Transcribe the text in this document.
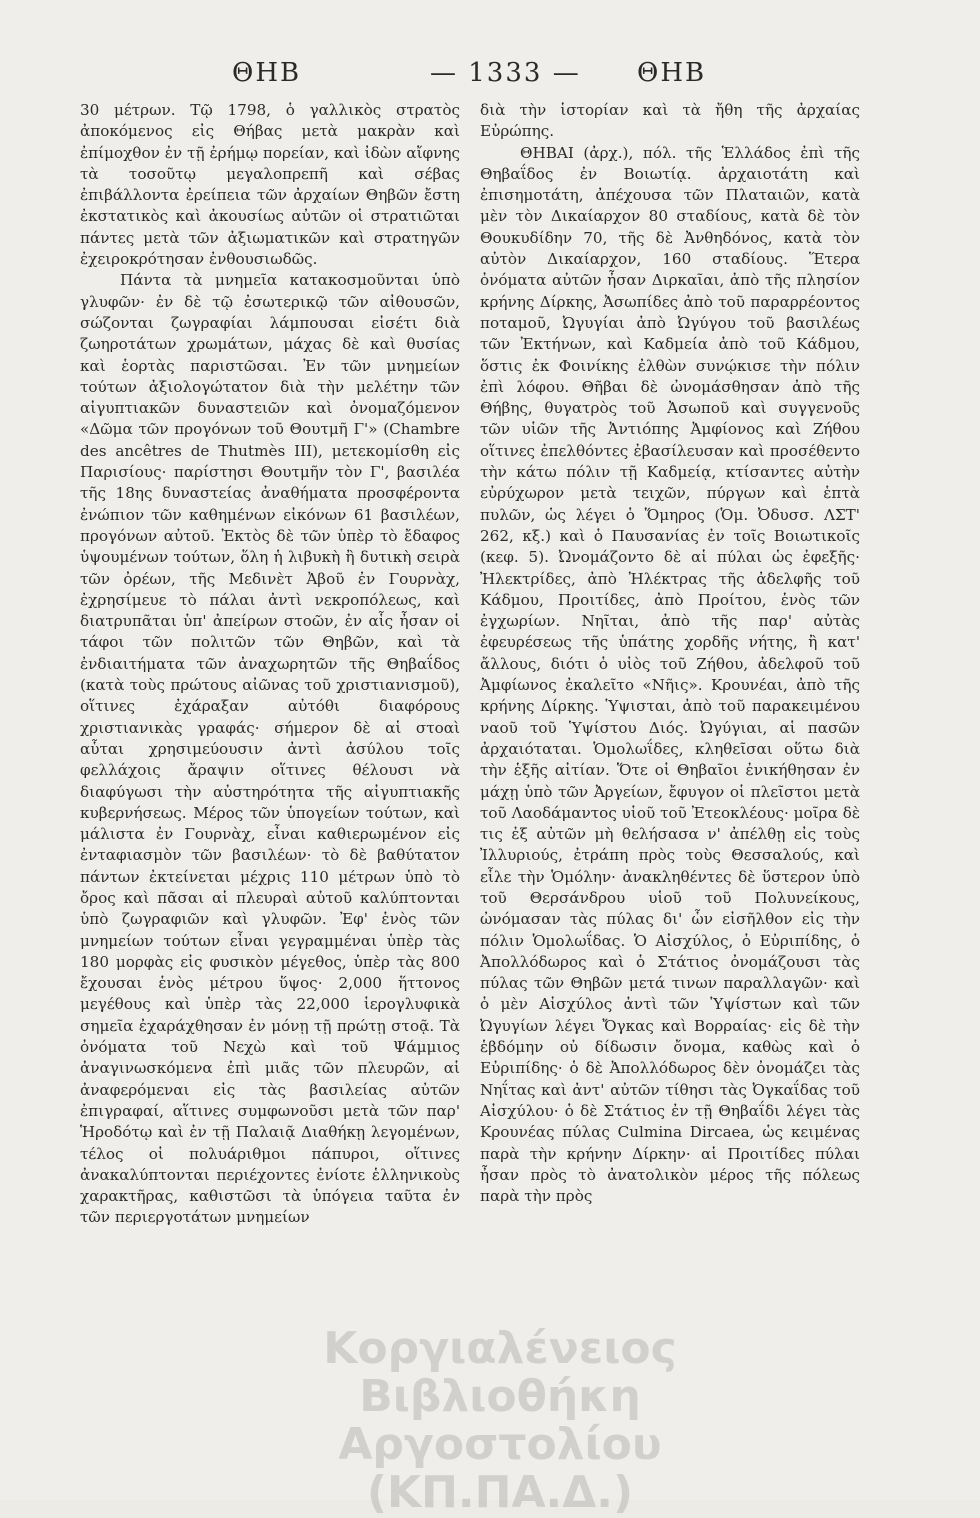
ΘΗΒ	— 1333 — ΘΗΒ

30 μέτρων. Τῷ 1798, ὁ γαλλικὸς στρατὸς ἀποκόμενος εἰς Θήβας μετὰ μακρὰν καὶ ἐπίμοχθον ἐν τῇ ἐρήμῳ πορείαν, καὶ ἰδὼν αἴφνης τὰ τοσοῦτῳ μεγαλοπρεπῆ καὶ σέβας ἐπιβάλλοντα ἐρείπεια τῶν ἀρχαίων Θηβῶν ἔστη ἐκστατικὸς καὶ ἀκουσίως αὐτῶν οἱ στρατιῶται πάντες μετὰ τῶν ἀξιωματικῶν καὶ στρατηγῶν ἐχειροκρότησαν ἐνθουσιωδῶς.

Πάντα τὰ μνημεῖα κατακοσμοῦνται ὑπὸ γλυφῶν· ἐν δὲ τῷ ἐσωτερικῷ τῶν αἰθουσῶν, σώζονται ζωγραφίαι λάμπουσαι εἰσέτι διὰ ζωηροτάτων χρωμάτων, μάχας δὲ καὶ θυσίας καὶ ἑορτὰς παριστῶσαι. Ἐν τῶν μνημείων τούτων ἀξιολογώτατον διὰ τὴν μελέτην τῶν αἰγυπτιακῶν δυναστειῶν καὶ ὀνομαζόμενον «Δῶμα τῶν προγόνων τοῦ Θουτμῆ Γ'» (Chambre des ancêtres de Thutmès III), μετεκομίσθη εἰς Παρισίους· παρίστησι Θουτμῆν τὸν Γ', βασιλέα τῆς 18ης δυναστείας ἀναθήματα προσφέροντα ἐνώπιον τῶν καθημένων εἰκόνων 61 βασιλέων, προγόνων αὐτοῦ. Ἐκτὸς δὲ τῶν ὑπὲρ τὸ ἔδαφος ὑψουμένων τούτων, ὅλη ἡ λιβυκὴ ἢ δυτικὴ σειρὰ τῶν ὀρέων, τῆς Μεδινὲτ Ἀβοῦ ἐν Γουρνὰχ, ἐχρησίμευε τὸ πάλαι ἀντὶ νεκροπόλεως, καὶ διατρυπᾶται ὑπ' ἀπείρων στοῶν, ἐν αἷς ἦσαν οἱ τάφοι τῶν πολιτῶν τῶν Θηβῶν, καὶ τὰ ἐνδιαιτήματα τῶν ἀναχωρητῶν τῆς Θηβαΐδος (κατὰ τοὺς πρώτους αἰῶνας τοῦ χριστιανισμοῦ), οἵτινες ἐχάραξαν αὐτόθι διαφόρους χριστιανικὰς γραφάς· σήμερον δὲ αἱ στοαὶ αὗται χρησιμεύουσιν ἀντὶ ἀσύλου τοῖς φελλάχοις ἄραψιν οἵτινες θέλουσι νὰ διαφύγωσι τὴν αὐστηρότητα τῆς αἰγυπτιακῆς κυβερνήσεως. Μέρος τῶν ὑπογείων τούτων, καὶ μάλιστα ἐν Γουρνὰχ, εἶναι καθιερωμένον εἰς ἐνταφιασμὸν τῶν βασιλέων· τὸ δὲ βαθύτατον πάντων ἐκτείνεται μέχρις 110 μέτρων ὑπὸ τὸ ὄρος καὶ πᾶσαι αἱ πλευραὶ αὐτοῦ καλύπτονται ὑπὸ ζωγραφιῶν καὶ γλυφῶν. Ἐφ' ἑνὸς τῶν μνημείων τούτων εἶναι γεγραμμέναι ὑπὲρ τὰς 180 μορφὰς εἰς φυσικὸν μέγεθος, ὑπὲρ τὰς 800 ἔχουσαι ἑνὸς μέτρου ὕψος· 2,000 ἥττονος μεγέθους καὶ ὑπὲρ τὰς 22,000 ἱερογλυφικὰ σημεῖα ἐχαράχθησαν ἐν μόνῃ τῇ πρώτῃ στοᾷ. Τὰ ὀνόματα τοῦ Νεχὼ καὶ τοῦ Ψάμμιος ἀναγινωσκόμενα ἐπὶ μιᾶς τῶν πλευρῶν, αἱ ἀναφερόμεναι εἰς τὰς βασιλείας αὐτῶν ἐπιγραφαί, αἵτινες συμφωνοῦσι μετὰ τῶν παρ' Ἡροδότῳ καὶ ἐν τῇ Παλαιᾷ Διαθήκῃ λεγομένων, τέλος οἱ πολυάριθμοι πάπυροι, οἵτινες ἀνακαλύπτονται περιέχοντες ἐνίοτε ἑλληνικοὺς χαρακτῆρας, καθιστῶσι τὰ ὑπόγεια ταῦτα ἐν τῶν περιεργοτάτων μνημείων

διὰ τὴν ἱστορίαν καὶ τὰ ἤθη τῆς ἀρχαίας Εὐρώπης.

ΘΗΒΑΙ (ἀρχ.), πόλ. τῆς Ἑλλάδος ἐπὶ τῆς Θηβαΐδος ἐν Βοιωτίᾳ. ἀρχαιοτάτη καὶ ἐπισημοτάτη, ἀπέχουσα τῶν Πλαταιῶν, κατὰ μὲν τὸν Δικαίαρχον 80 σταδίους, κατὰ δὲ τὸν Θουκυδίδην 70, τῆς δὲ Ἀνθηδόνος, κατὰ τὸν αὐτὸν Δικαίαρχον, 160 σταδίους. Ἕτερα ὀνόματα αὐτῶν ἦσαν Διρκαῖαι, ἀπὸ τῆς πλησίον κρήνης Δίρκης, Ἀσωπίδες ἀπὸ τοῦ παραρρέοντος ποταμοῦ, Ὠγυγίαι ἀπὸ Ὠγύγου τοῦ βασιλέως τῶν Ἐκτήνων, καὶ Καδμεία ἀπὸ τοῦ Κάδμου, ὅστις ἐκ Φοινίκης ἐλθὼν συνῴκισε τὴν πόλιν ἐπὶ λόφου. Θῆβαι δὲ ὠνομάσθησαν ἀπὸ τῆς Θήβης, θυγατρὸς τοῦ Ἀσωποῦ καὶ συγγενοῦς τῶν υἱῶν τῆς Ἀντιόπης Ἀμφίονος καὶ Ζήθου οἵτινες ἐπελθόντες ἐβασίλευσαν καὶ προσέθεντο τὴν κάτω πόλιν τῇ Καδμείᾳ, κτίσαντες αὐτὴν εὐρύχωρον μετὰ τειχῶν, πύργων καὶ ἑπτὰ πυλῶν, ὡς λέγει ὁ Ὅμηρος (Ὁμ. Ὀδυσσ. ΛΣΤ' 262, κξ.) καὶ ὁ Παυσανίας ἐν τοῖς Βοιωτικοῖς (κεφ. 5). Ὠνομάζοντο δὲ αἱ πύλαι ὡς ἐφεξῆς· Ἠλεκτρίδες, ἀπὸ Ἠλέκτρας τῆς ἀδελφῆς τοῦ Κάδμου, Προιτίδες, ἀπὸ Προίτου, ἑνὸς τῶν ἐγχωρίων. Νηῖται, ἀπὸ τῆς παρ' αὐτὰς ἐφευρέσεως τῆς ὑπάτης χορδῆς νήτης, ἢ κατ' ἄλλους, διότι ὁ υἱὸς τοῦ Ζήθου, ἀδελφοῦ τοῦ Ἀμφίωνος ἐκαλεῖτο «Νῆις». Κρουνέαι, ἀπὸ τῆς κρήνης Δίρκης. Ὑψισται, ἀπὸ τοῦ παρακειμένου ναοῦ τοῦ Ὑψίστου Διός. Ὠγύγιαι, αἱ πασῶν ἀρχαιόταται. Ὁμολωΐδες, κληθεῖσαι οὕτω διὰ τὴν ἑξῆς αἰτίαν. Ὅτε οἱ Θηβαῖοι ἐνικήθησαν ἐν μάχῃ ὑπὸ τῶν Ἀργείων, ἔφυγον οἱ πλεῖστοι μετὰ τοῦ Λαοδάμαντος υἱοῦ τοῦ Ἐτεοκλέους· μοῖρα δὲ τις ἐξ αὐτῶν μὴ θελήσασα ν' ἀπέλθῃ εἰς τοὺς Ἰλλυριούς, ἐτράπη πρὸς τοὺς Θεσσαλούς, καὶ εἷλε τὴν Ὁμόλην· ἀνακληθέντες δὲ ὕστερον ὑπὸ τοῦ Θερσάνδρου υἱοῦ τοῦ Πολυνείκους, ὠνόμασαν τὰς πύλας δι' ὧν εἰσῆλθον εἰς τὴν πόλιν Ὁμολωΐδας. Ὁ Αἰσχύλος, ὁ Εὐριπίδης, ὁ Ἀπολλόδωρος καὶ ὁ Στάτιος ὀνομάζουσι τὰς πύλας τῶν Θηβῶν μετά τινων παραλλαγῶν· καὶ ὁ μὲν Αἰσχύλος ἀντὶ τῶν Ὑψίστων καὶ τῶν Ὠγυγίων λέγει Ὄγκας καὶ Βορραίας· εἰς δὲ τὴν ἑβδόμην οὐ δίδωσιν ὄνομα, καθὼς καὶ ὁ Εὐριπίδης· ὁ δὲ Ἀπολλόδωρος δὲν ὀνομάζει τὰς Νηΐτας καὶ ἀντ' αὐτῶν τίθησι τὰς Ὀγκαΐδας τοῦ Αἰσχύλου· ὁ δὲ Στάτιος ἐν τῇ Θηβαΐδι λέγει τὰς Κρουνέας πύλας Culmina Dircaea, ὡς κειμένας παρὰ τὴν κρήνην Δίρκην· αἱ Προιτίδες πύλαι ἦσαν πρὸς τὸ ἀνατολικὸν μέρος τῆς πόλεως παρὰ τὴν πρὸς

Κοργιαλένειος Βιβλιοθήκη
Αργοστολίου (ΚΠ.ΠΑ.Δ.)
